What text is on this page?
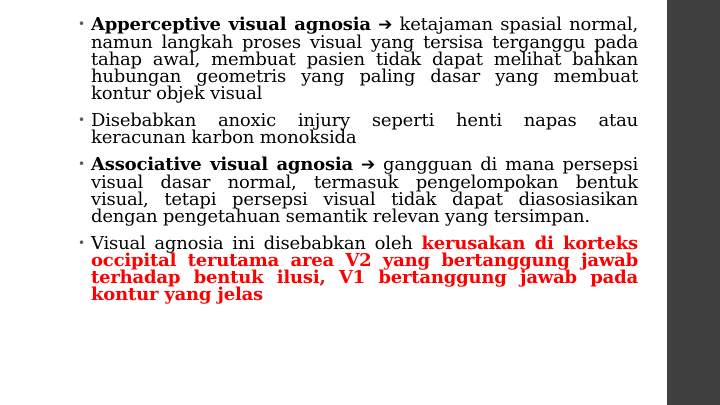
• Apperceptive visual agnosia ➔ ketajaman spasial normal, namun langkah proses visual yang tersisa terganggu pada tahap awal, membuat pasien tidak dapat melihat bahkan hubungan geometris yang paling dasar yang membuat kontur objek visual
• Disebabkan anoxic injury seperti henti napas atau keracunan karbon monoksida
• Associative visual agnosia ➔ gangguan di mana persepsi visual dasar normal, termasuk pengelompokan bentuk visual, tetapi persepsi visual tidak dapat diasosiasikan dengan pengetahuan semantik relevan yang tersimpan.
• Visual agnosia ini disebabkan oleh kerusakan di korteks occipital terutama area V2 yang bertanggung jawab terhadap bentuk ilusi, V1 bertanggung jawab pada kontur yang jelas
